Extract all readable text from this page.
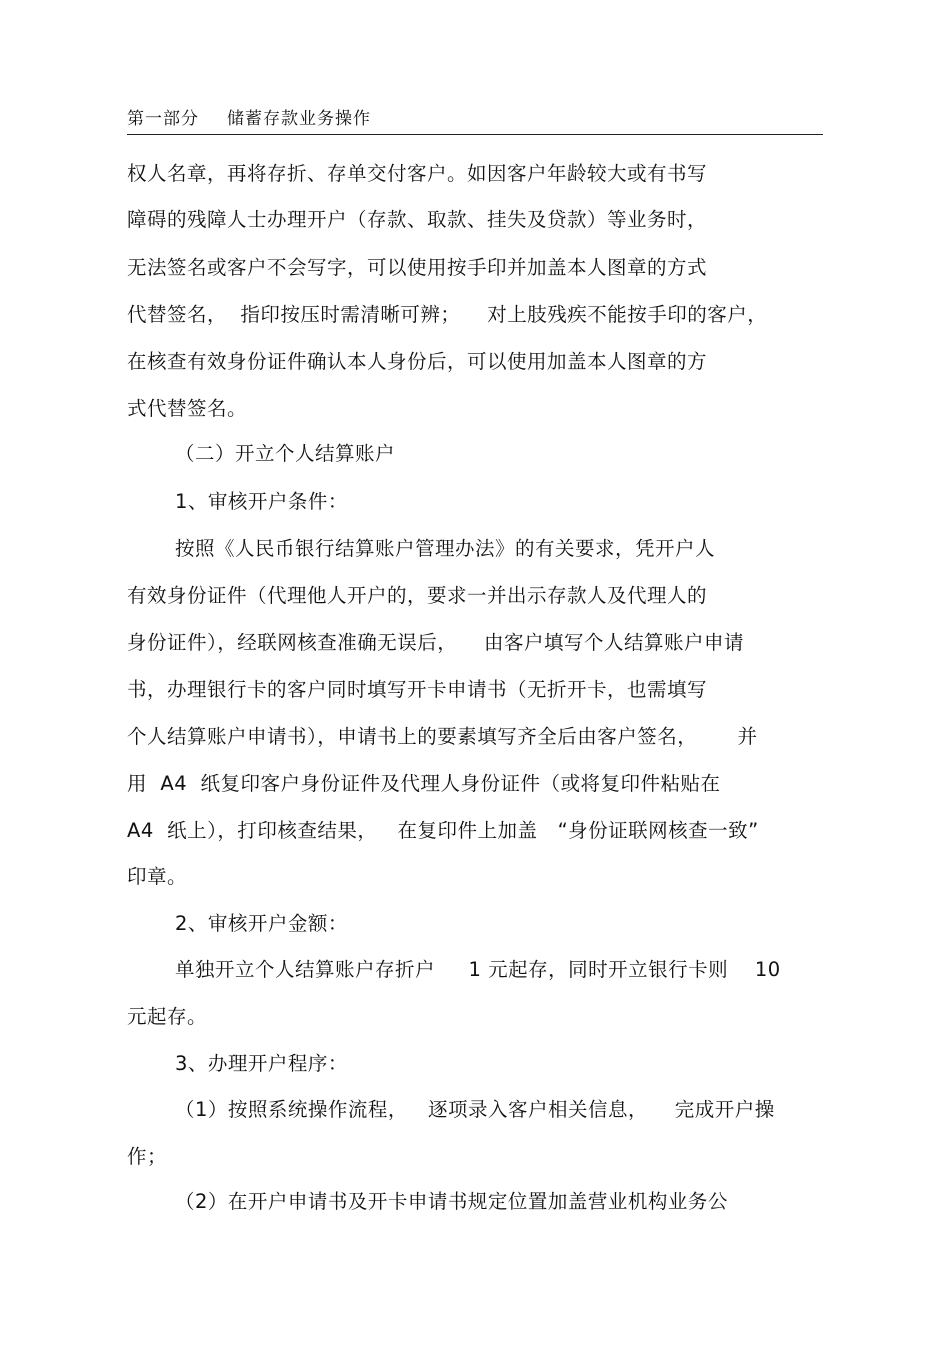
第一部分 储蓄存款业务操作
权人名章，再将存折、存单交付客户。如因客户年龄较大或有书写
障碍的残障人士办理开户（存款、取款、挂失及贷款）等业务时，
无法签名或客户不会写字，可以使用按手印并加盖本人图章的方式
代替签名，  指印按压时需清晰可辨；    对上肢残疾不能按手印的客户，
在核查有效身份证件确认本人身份后，可以使用加盖本人图章的方
式代替签名。
（二）开立个人结算账户
1、审核开户条件：
按照《人民币银行结算账户管理办法》的有关要求，凭开户人
有效身份证件（代理他人开户的，要求一并出示存款人及代理人的
身份证件），经联网核查准确无误后，    由客户填写个人结算账户申请
书，办理银行卡的客户同时填写开卡申请书（无折开卡，也需填写
个人结算账户申请书），申请书上的要素填写齐全后由客户签名，      并
用  A4  纸复印客户身份证件及代理人身份证件（或将复印件粘贴在
A4  纸上），打印核查结果，   在复印件上加盖   “身份证联网核查一致”
印章。
2、审核开户金额：
单独开立个人结算账户存折户     1 元起存，同时开立银行卡则    10
元起存。
3、办理开户程序：
（1）按照系统操作流程，   逐项录入客户相关信息，    完成开户操
作；
（2）在开户申请书及开卡申请书规定位置加盖营业机构业务公
